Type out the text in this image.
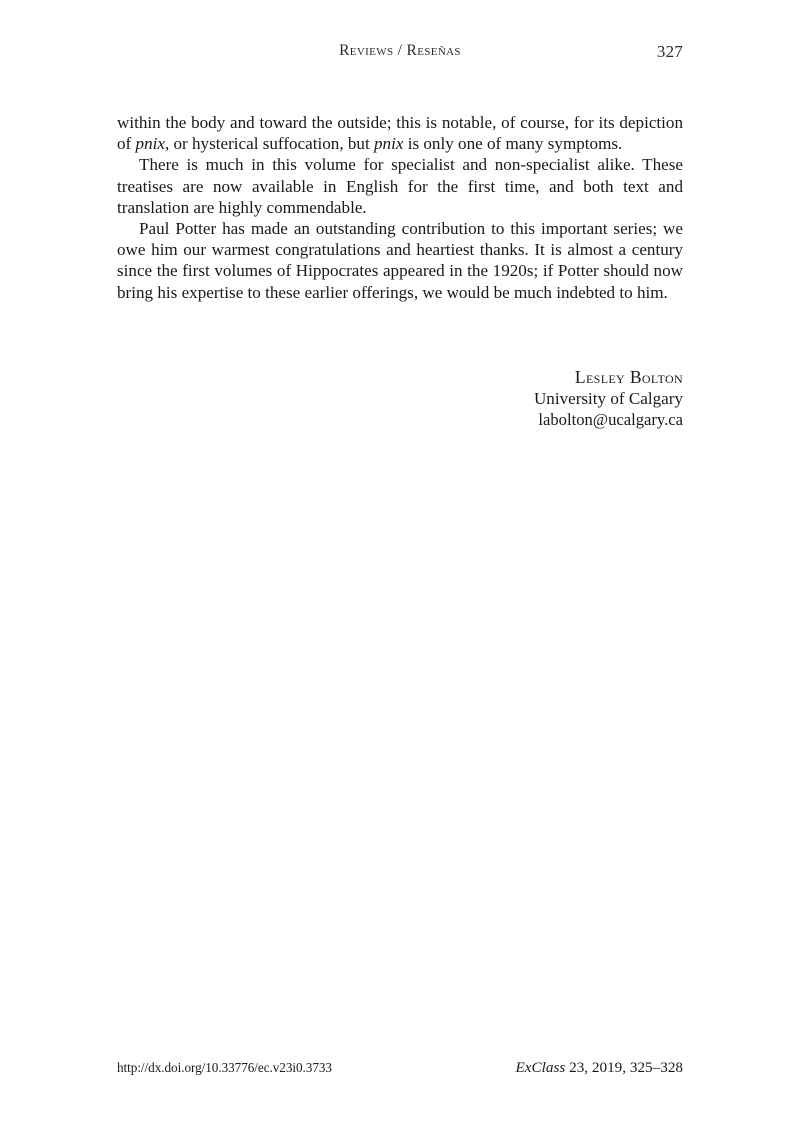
Reviews / Reseñas	327

within the body and toward the outside; this is notable, of course, for its depiction of pnix, or hysterical suffocation, but pnix is only one of many symptoms.

There is much in this volume for specialist and non-specialist alike. These treatises are now available in English for the first time, and both text and translation are highly commendable.

Paul Potter has made an outstanding contribution to this important series; we owe him our warmest congratulations and heartiest thanks. It is almost a century since the first volumes of Hippocrates appeared in the 1920s; if Potter should now bring his expertise to these earlier offerings, we would be much indebted to him.

Lesley Bolton
University of Calgary
labolton@ucalgary.ca
http://dx.doi.org/10.33776/ec.v23i0.3733	ExClass 23, 2019, 325–328
